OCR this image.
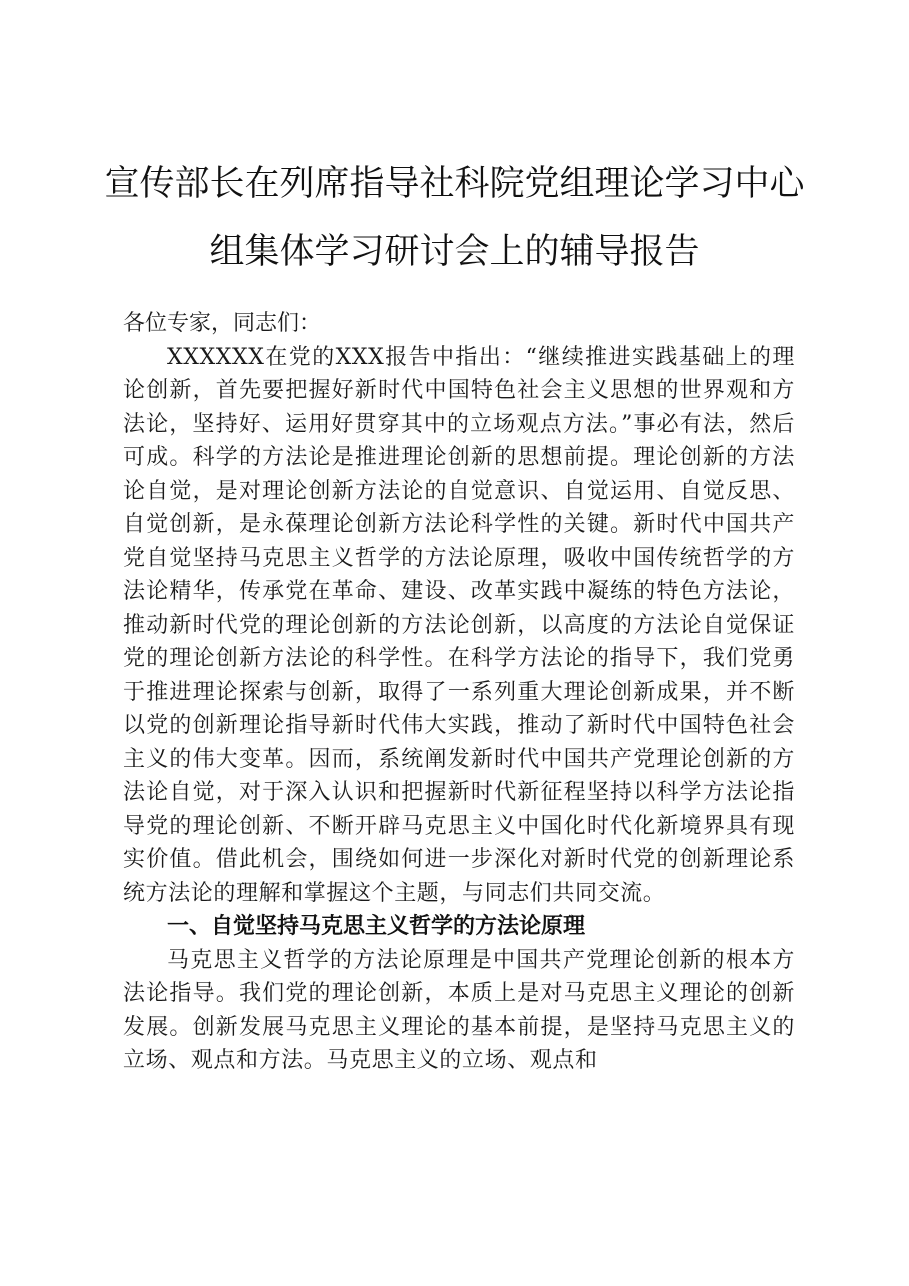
宣传部长在列席指导社科院党组理论学习中心
组集体学习研讨会上的辅导报告

各位专家，同志们：

XXXXXX在党的XXX报告中指出：“继续推进实践基础上的理论创新，首先要把握好新时代中国特色社会主义思想的世界观和方法论，坚持好、运用好贯穿其中的立场观点方法。”事必有法，然后可成。科学的方法论是推进理论创新的思想前提。理论创新的方法论自觉，是对理论创新方法论的自觉意识、自觉运用、自觉反思、自觉创新，是永葆理论创新方法论科学性的关键。新时代中国共产党自觉坚持马克思主义哲学的方法论原理，吸收中国传统哲学的方法论精华，传承党在革命、建设、改革实践中凝练的特色方法论，推动新时代党的理论创新的方法论创新，以高度的方法论自觉保证党的理论创新方法论的科学性。在科学方法论的指导下，我们党勇于推进理论探索与创新，取得了一系列重大理论创新成果，并不断以党的创新理论指导新时代伟大实践，推动了新时代中国特色社会主义的伟大变革。因而，系统阐发新时代中国共产党理论创新的方法论自觉，对于深入认识和把握新时代新征程坚持以科学方法论指导党的理论创新、不断开辟马克思主义中国化时代化新境界具有现实价值。借此机会，围绕如何进一步深化对新时代党的创新理论系统方法论的理解和掌握这个主题，与同志们共同交流。

一、自觉坚持马克思主义哲学的方法论原理

马克思主义哲学的方法论原理是中国共产党理论创新的根本方法论指导。我们党的理论创新，本质上是对马克思主义理论的创新发展。创新发展马克思主义理论的基本前提，是坚持马克思主义的立场、观点和方法。马克思主义的立场、观点和
